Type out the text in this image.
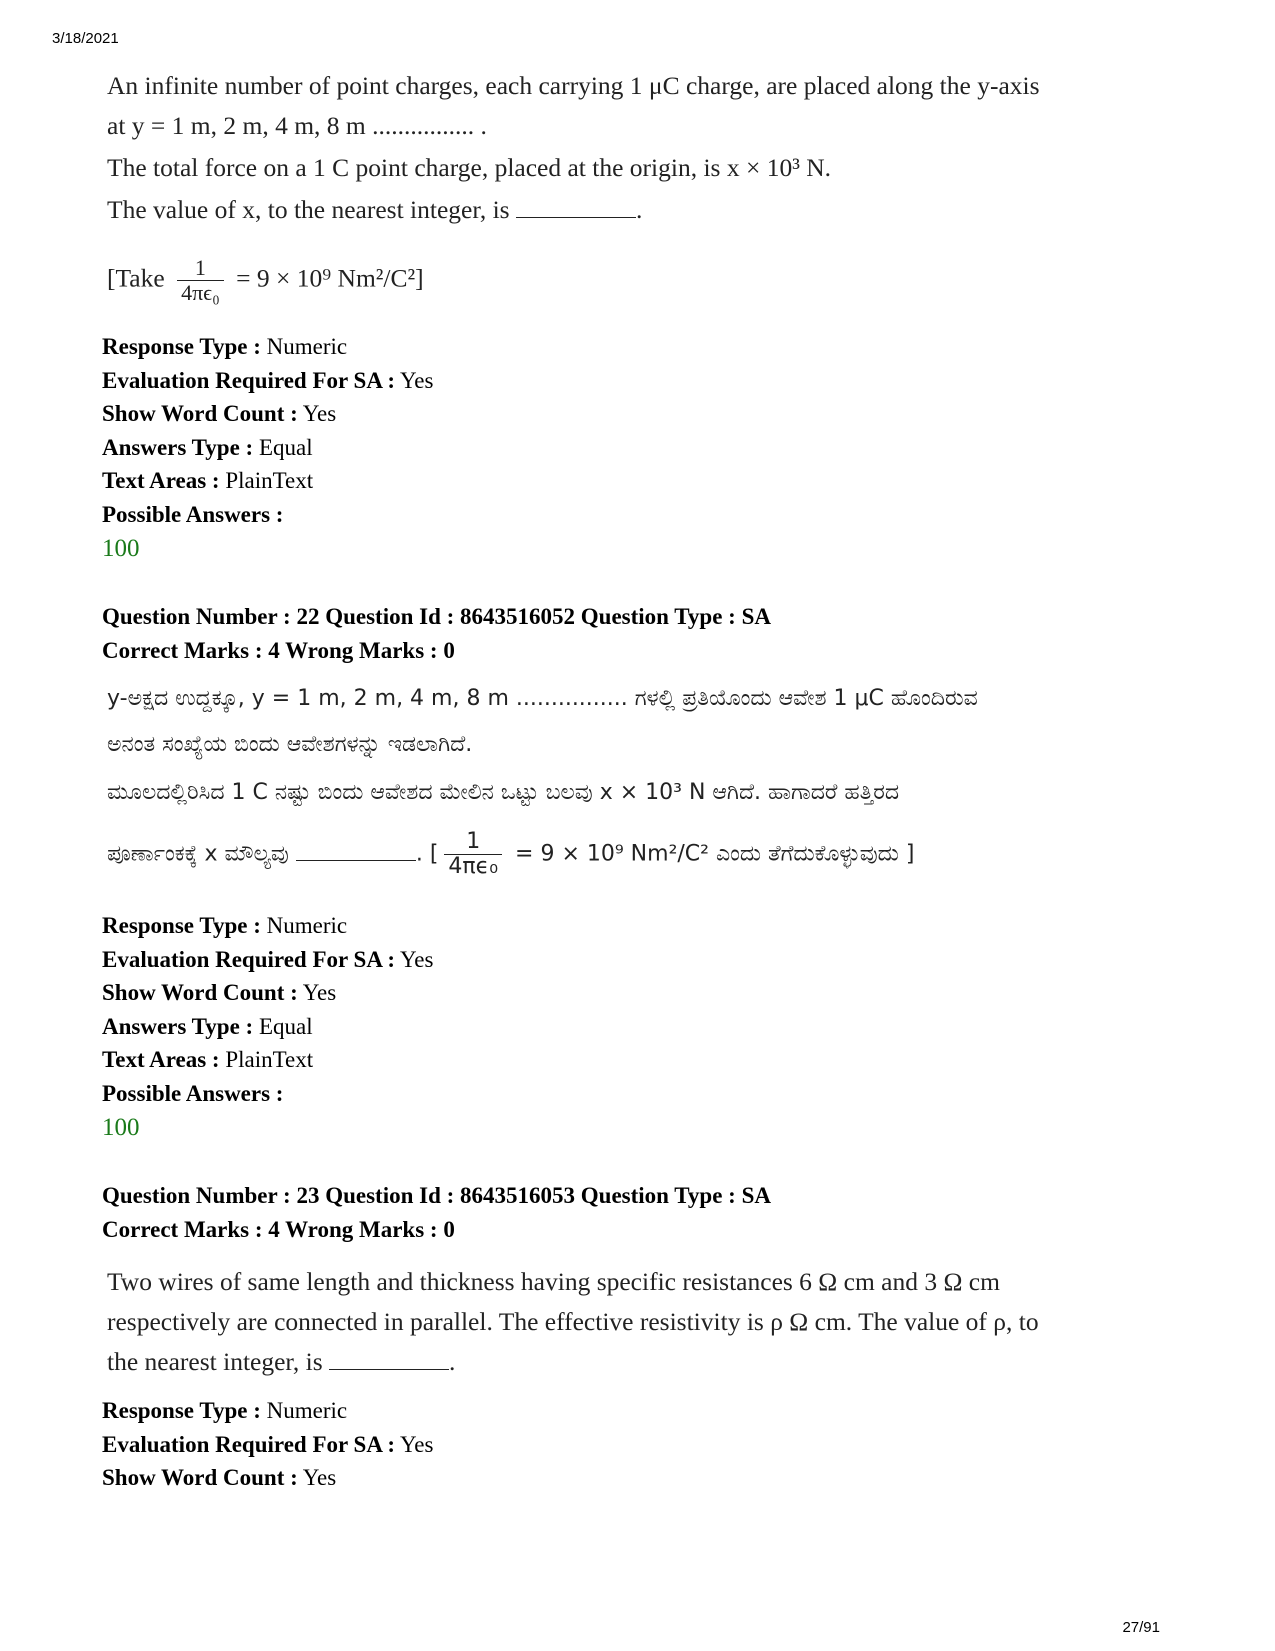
3/18/2021

An infinite number of point charges, each carrying 1 μC charge, are placed along the y-axis

at y = 1 m, 2 m, 4 m, 8 m ................ .

The total force on a 1 C point charge, placed at the origin, is x × 10³ N.

The value of x, to the nearest integer, is	.

[Take $\frac{1}{\text{4πϵ₀}} = 9 \times 10^9$ Nm²/C²]

Response Type : Numeric
Evaluation Required For SA : Yes
Show Word Count : Yes
Answers Type : Equal
Text Areas : PlainText
Possible Answers :
100
Question Number : 22 Question Id : 8643516052 Question Type : SA
Correct Marks : 4 Wrong Marks : 0

y-ಅಕ್ಷದ ಉದ್ದಕ್ಕೂ, y = 1 m, 2 m, 4 m, 8 m ................ ಗಳಲ್ಲಿ ಪ್ರತಿಯೊಂದು ಆವೇಶ 1 μC ಹೊಂದಿರುವ

ಅನಂತ ಸಂಖ್ಯೆಯ ಬಿಂದು ಆವೇಶಗಳನ್ನು ಇಡಲಾಗಿದೆ.

ಮೂಲದಲ್ಲಿರಿಸಿದ 1 C ನಷ್ಟು ಬಿಂದು ಆವೇಶದ ಮೇಲಿನ ಒಟ್ಟು ಬಲವು x × 10³ N ಆಗಿದೆ. ಹಾಗಾದರೆ ಹತ್ತಿರದ

ಪೂರ್ಣಾಂಕಕ್ಕೆ x ಮೌಲ್ಯವು	. [ $\frac{1}{\text{4πϵ₀}} = 9 \times 10^9$ Nm²/C² ಎಂದು ತೆಗೆದುಕೊಳ್ಳುವುದು ]

Response Type : Numeric
Evaluation Required For SA : Yes
Show Word Count : Yes
Answers Type : Equal
Text Areas : PlainText
Possible Answers :
100
Question Number : 23 Question Id : 8643516053 Question Type : SA
Correct Marks : 4 Wrong Marks : 0

Two wires of same length and thickness having specific resistances 6 Ω cm and 3 Ω cm

respectively are connected in parallel. The effective resistivity is ρ Ω cm. The value of ρ, to

the nearest integer, is	.

Response Type : Numeric
Evaluation Required For SA : Yes
Show Word Count : Yes
27/91
